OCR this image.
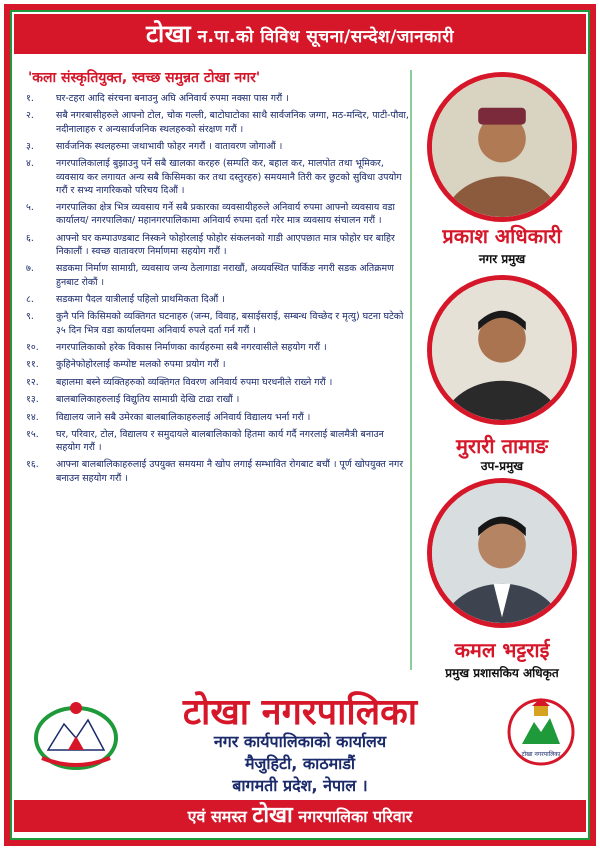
टोखा न.पा.को विविध सूचना/सन्देश/जानकारी
'कला संस्कृतियुक्त, स्वच्छ समुन्नत टोखा नगर'
१.	घर-टहरा आदि संरचना बनाउनु अघि अनिवार्य रुपमा नक्सा पास गरौं ।
२.	सबै नगरबासीहरुले आफ्नो टोल, चोक गल्ली, बाटोघाटोका साथै सार्वजनिक जग्गा, मठ-मन्दिर, पाटी-पौवा, नदीनालाहरु र अन्यसार्वजनिक स्थलहरुको संरक्षण गरौं ।
३.	सार्वजनिक स्थलहरुमा जथाभावी फोहर नगरौं । वातावरण जोगाऔं ।
४.	नगरपालिकालाई बुझाउनु पर्ने सबै खालका करहरु (सम्पति कर, बहाल कर, मालपोत तथा भूमिकर, व्यवसाय कर लगायत अन्य सबै किसिमका कर तथा दस्तुरहरु) समयमानै तिरी कर छुटको सुविधा उपयोग गरौं र सभ्य नागरिकको परिचय दिऔं ।
५.	नगरपालिका क्षेत्र भित्र व्यवसाय गर्ने सबै प्रकारका व्यवसायीहरुले अनिवार्य रुपमा आफ्नो व्यवसाय वडा कार्यालय/ नगरपालिका/ महानगरपालिकामा अनिवार्य रुपमा दर्ता गरेर मात्र व्यवसाय संचालन गरौं ।
६.	आफ्नो घर कम्पाउण्डबाट निस्कने फोहोरलाई फोहोर संकलनको गाडी आएपछात मात्र फोहोर घर बाहिर निकालौं । स्वच्छ वातावरण निर्माणमा सहयोग गरौं ।
७.	सडकमा निर्माण सामाग्री, व्यवसाय जन्य ठेलागाडा नराखौं, अव्यवस्थित पार्किङ नगरी सडक अतिक्रमण हुनबाट रोकौं ।
८.	सडकमा पैदल यात्रीलाई पहिलो प्राथमिकता दिऔं ।
९.	कुनै पनि किसिमको व्यक्तिगत घटनाहरु (जन्म, विवाह, बसाईसराई, सम्बन्ध विच्छेद र मृत्यु) घटना घटेको ३५ दिन भित्र वडा कार्यालयमा अनिवार्य रुपले दर्ता गर्न गरौं ।
१०.	नगरपालिकाको हरेक विकास निर्माणका कार्यहरुमा सबै नगरवासीले सहयोग गरौं ।
११.	कुहिनेफोहोरलाई कम्पोष्ट मलको रुपमा प्रयोग गरौं ।
१२.	बहालमा बस्ने व्यक्तिहरुको व्यक्तिगत विवरण अनिवार्य रुपमा घरधनीले राख्ने गरौं ।
१३.	बालबालिकाहरुलाई विद्युतिय सामाग्री देखि टाढा राखौं ।
१४.	विद्यालय जाने सबै उमेरका बालबालिकाहरुलाई अनिवार्य विद्यालय भर्ना गरौं ।
१५.	घर, परिवार, टोल, विद्यालय र समुदायले बालबालिकाको हितमा कार्य गर्दै नगरलाई बालमैत्री बनाउन सहयोग गरौं ।
१६.	आफ्ना बालबालिकाहरुलाई उपयुक्त समयमा नै खोप लगाई सम्भावित रोगबाट बचौं । पूर्ण खोपयुक्त नगर बनाउन सहयोग गरौं ।
प्रकाश अधिकारी
नगर प्रमुख
मुरारी तामाङ
उप-प्रमुख
कमल भट्टराई
प्रमुख प्रशासकिय अधिकृत
टोखा नगरपालिका
नगर कार्यपालिकाको कार्यालय
मैजुहिटी, काठमाडौं
बागमती प्रदेश, नेपाल ।
टोखा नगरपालिका
एवं समस्त टोखा नगरपालिका परिवार
